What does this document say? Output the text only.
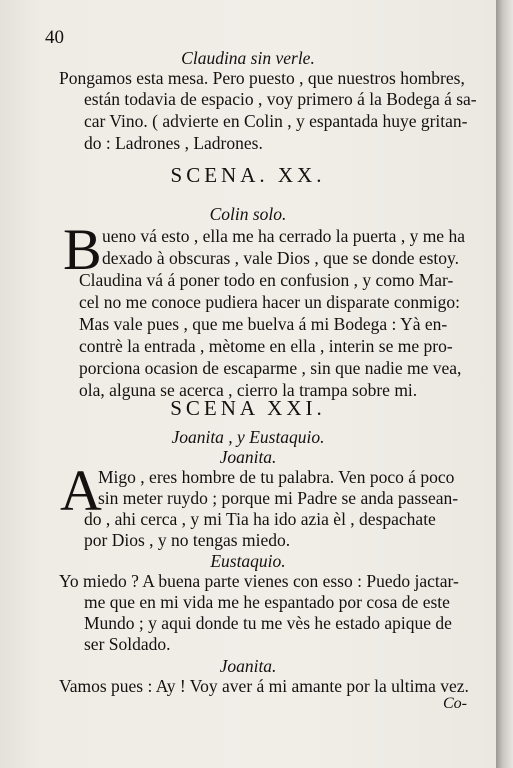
40
Claudina sin verle.
Pongamos esta mesa. Pero puesto , que nuestros hombres,
están todavia de espacio , voy primero á la Bodega á sa-
car Vino. ( advierte en Colin , y espantada huye gritan-
do : Ladrones , Ladrones.
SCENA. XX.
Colin solo.
B ueno vá esto , ella me ha cerrado la puerta , y me ha
dexado à obscuras , vale Dios , que se donde estoy.
Claudina vá á poner todo en confusion , y como Mar-
cel no me conoce pudiera hacer un disparate conmigo:
Mas vale pues , que me buelva á mi Bodega : Yà en-
contrè la entrada , mètome en ella , interin se me pro-
porciona ocasion de escaparme , sin que nadie me vea,
ola, alguna se acerca , cierro la trampa sobre mi.
SCENA XXI.
Joanita , y Eustaquio.
Joanita.
A
Migo , eres hombre de tu palabra. Ven poco á poco
sin meter ruydo ; porque mi Padre se anda passean-
do , ahi cerca , y mi Tia ha ido azia èl , despachate
por Dios , y no tengas miedo.
Eustaquio.
Yo miedo ? A buena parte vienes con esso : Puedo jactar-
me que en mi vida me he espantado por cosa de este
Mundo ; y aqui donde tu me vès he estado apique de
ser Soldado.
Joanita.
Vamos pues : Ay ! Voy aver á mi amante por la ultima vez.
Co-
